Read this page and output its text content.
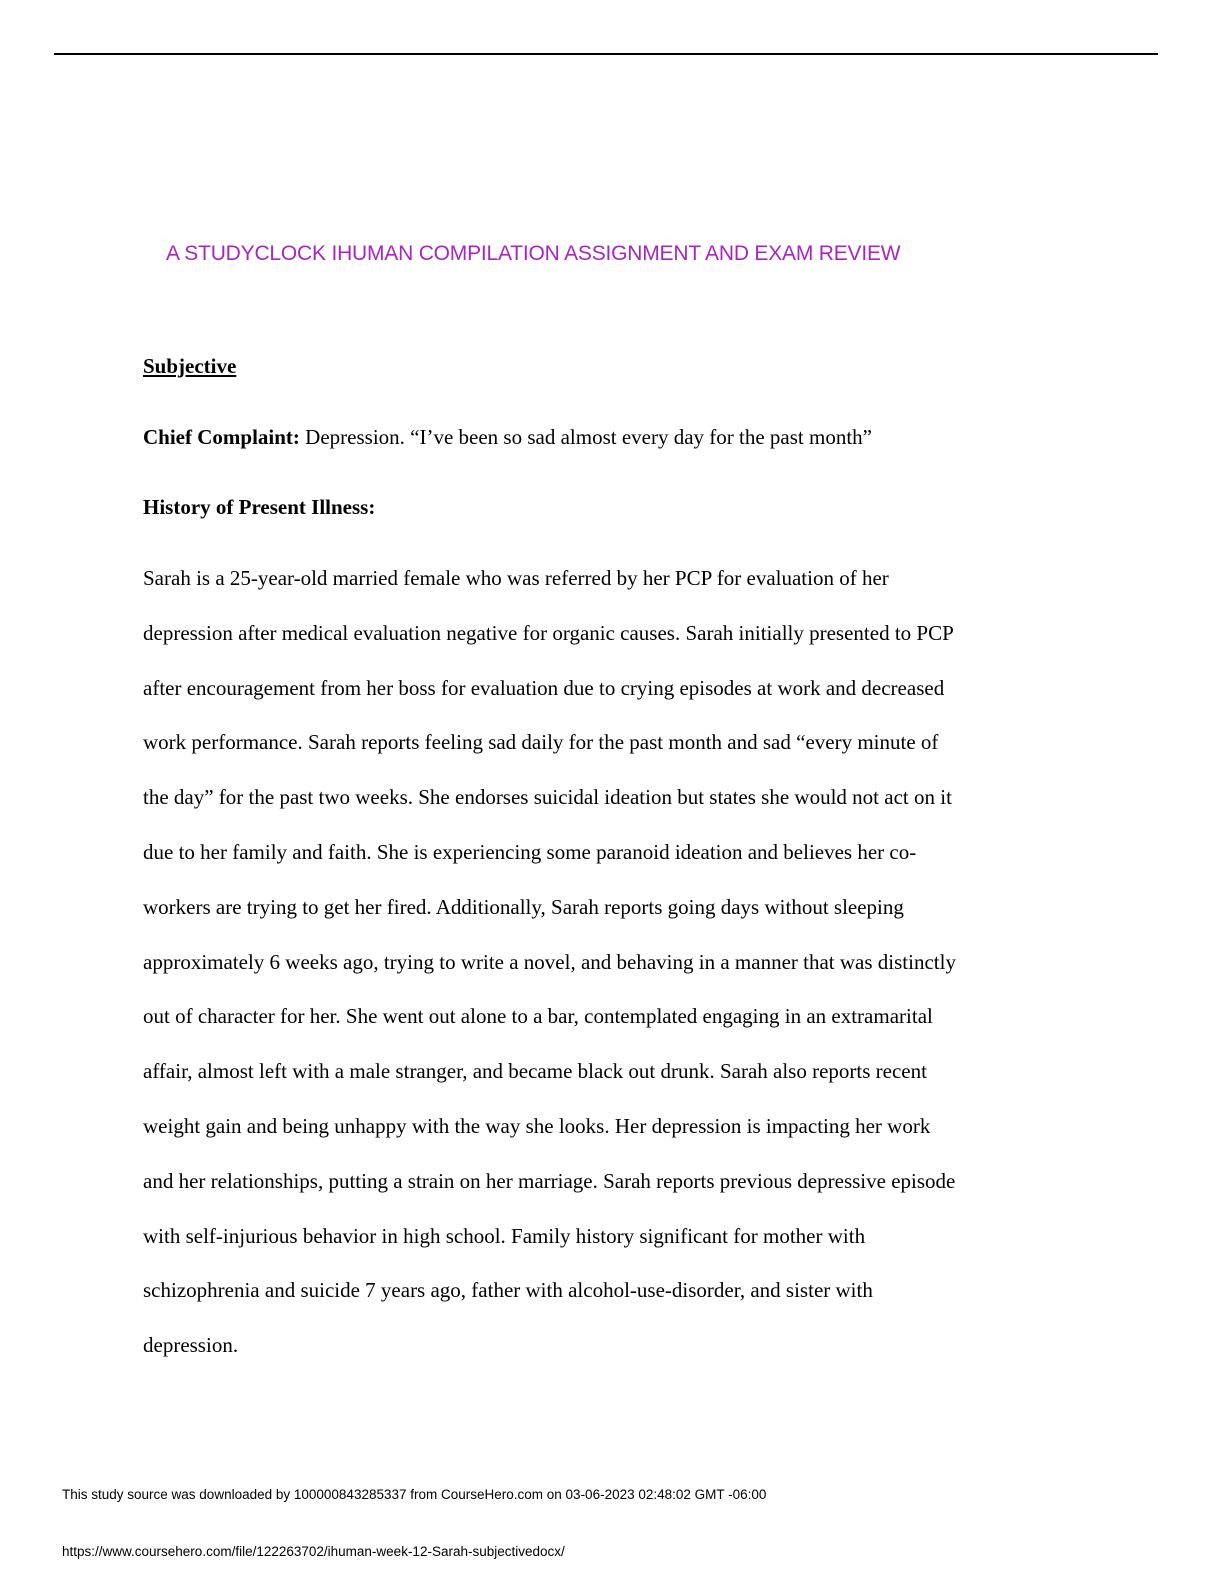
A STUDYCLOCK IHUMAN COMPILATION ASSIGNMENT AND EXAM REVIEW
Subjective
Chief Complaint: Depression. “I’ve been so sad almost every day for the past month”
History of Present Illness:
Sarah is a 25-year-old married female who was referred by her PCP for evaluation of her
depression after medical evaluation negative for organic causes. Sarah initially presented to PCP
after encouragement from her boss for evaluation due to crying episodes at work and decreased
work performance. Sarah reports feeling sad daily for the past month and sad “every minute of
the day” for the past two weeks. She endorses suicidal ideation but states she would not act on it
due to her family and faith. She is experiencing some paranoid ideation and believes her co-
workers are trying to get her fired. Additionally, Sarah reports going days without sleeping
approximately 6 weeks ago, trying to write a novel, and behaving in a manner that was distinctly
out of character for her. She went out alone to a bar, contemplated engaging in an extramarital
affair, almost left with a male stranger, and became black out drunk. Sarah also reports recent
weight gain and being unhappy with the way she looks. Her depression is impacting her work
and her relationships, putting a strain on her marriage. Sarah reports previous depressive episode
with self-injurious behavior in high school. Family history significant for mother with
schizophrenia and suicide 7 years ago, father with alcohol-use-disorder, and sister with
depression.
This study source was downloaded by 100000843285337 from CourseHero.com on 03-06-2023 02:48:02 GMT -06:00
https://www.coursehero.com/file/122263702/ihuman-week-12-Sarah-subjectivedocx/
